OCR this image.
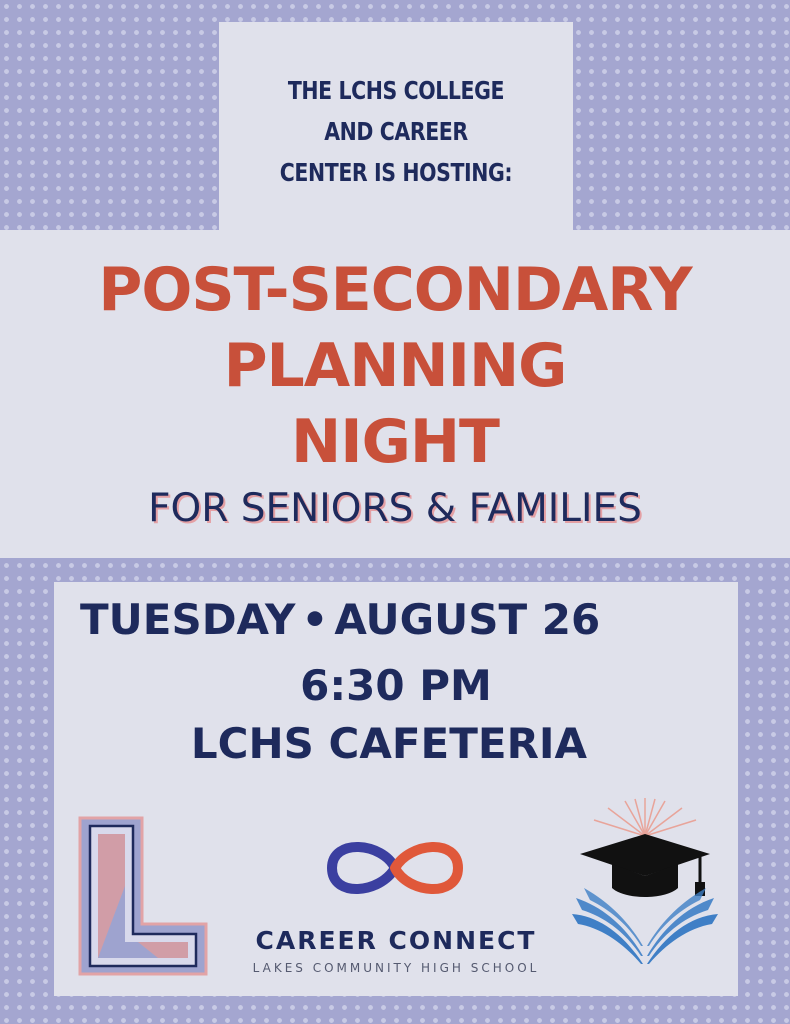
THE LCHS COLLEGE
AND CAREER
CENTER IS HOSTING:
POST-SECONDARY
PLANNING
NIGHT
FOR SENIORS & FAMILIES
TUESDAY • AUGUST 26
6:30 PM
LCHS CAFETERIA
CAREER CONNECT
LAKES COMMUNITY HIGH SCHOOL
